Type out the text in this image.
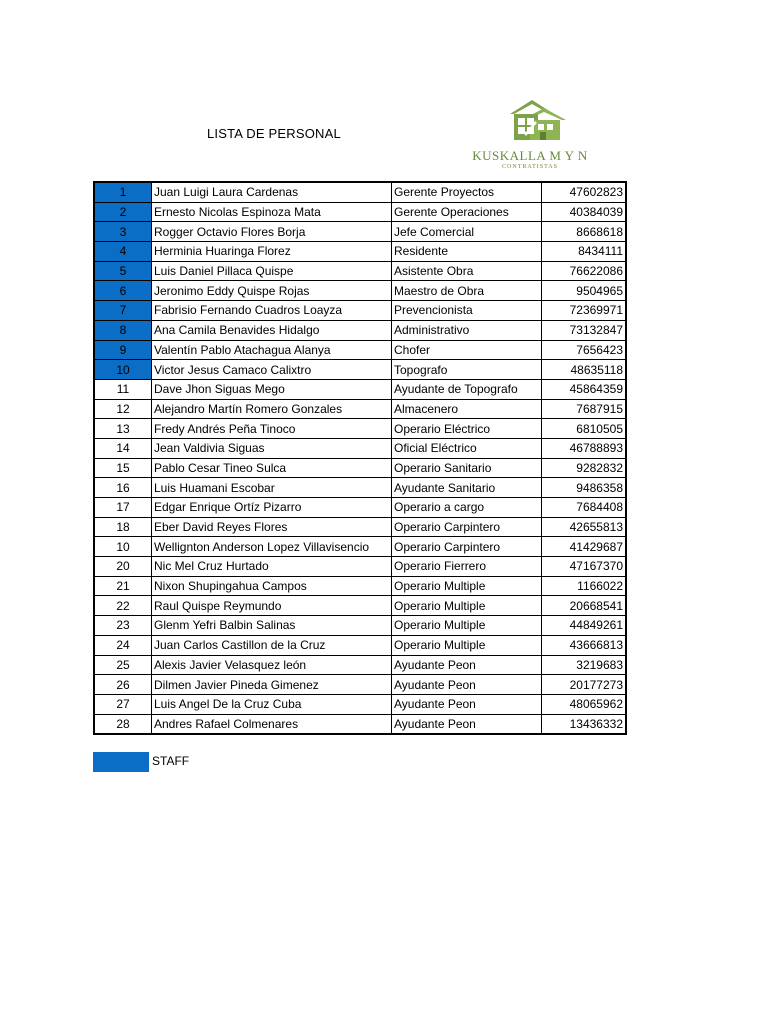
LISTA DE PERSONAL
KUSKALLA M Y N
CONTRATISTAS
1	Juan Luigi Laura Cardenas	Gerente Proyectos	47602823
2	Ernesto Nicolas Espinoza Mata	Gerente Operaciones	40384039
3	Rogger Octavio Flores Borja	Jefe Comercial	8668618
4	Herminia Huaringa Florez	Residente	8434111
5	Luis Daniel Pillaca Quispe	Asistente Obra	76622086
6	Jeronimo Eddy Quispe Rojas	Maestro de Obra	9504965
7	Fabrisio Fernando Cuadros Loayza	Prevencionista	72369971
8	Ana Camila Benavides Hidalgo	Administrativo	73132847
9	Valentín Pablo Atachagua Alanya	Chofer	7656423
10	Victor Jesus Camaco Calixtro	Topografo	48635118
11	Dave Jhon Siguas Mego	Ayudante de Topografo	45864359
12	Alejandro Martín Romero Gonzales	Almacenero	7687915
13	Fredy Andrés Peña Tinoco	Operario Eléctrico	6810505
14	Jean Valdivia Siguas	Oficial Eléctrico	46788893
15	Pablo Cesar Tineo Sulca	Operario Sanitario	9282832
16	Luis Huamani Escobar	Ayudante Sanitario	9486358
17	Edgar Enrique Ortíz Pizarro	Operario a cargo	7684408
18	Eber David Reyes Flores	Operario Carpintero	42655813
10	Wellignton Anderson Lopez Villavisencio	Operario Carpintero	41429687
20	Nic Mel Cruz Hurtado	Operario Fierrero	47167370
21	Nixon Shupingahua Campos	Operario Multiple	1166022
22	Raul Quispe Reymundo	Operario Multiple	20668541
23	Glenm Yefri Balbin Salinas	Operario Multiple	44849261
24	Juan Carlos Castillon de la Cruz	Operario Multiple	43666813
25	Alexis Javier Velasquez león	Ayudante Peon	3219683
26	Dilmen Javier Pineda Gimenez	Ayudante Peon	20177273
27	Luis Angel De la Cruz Cuba	Ayudante Peon	48065962
28	Andres Rafael Colmenares	Ayudante Peon	13436332
STAFF
